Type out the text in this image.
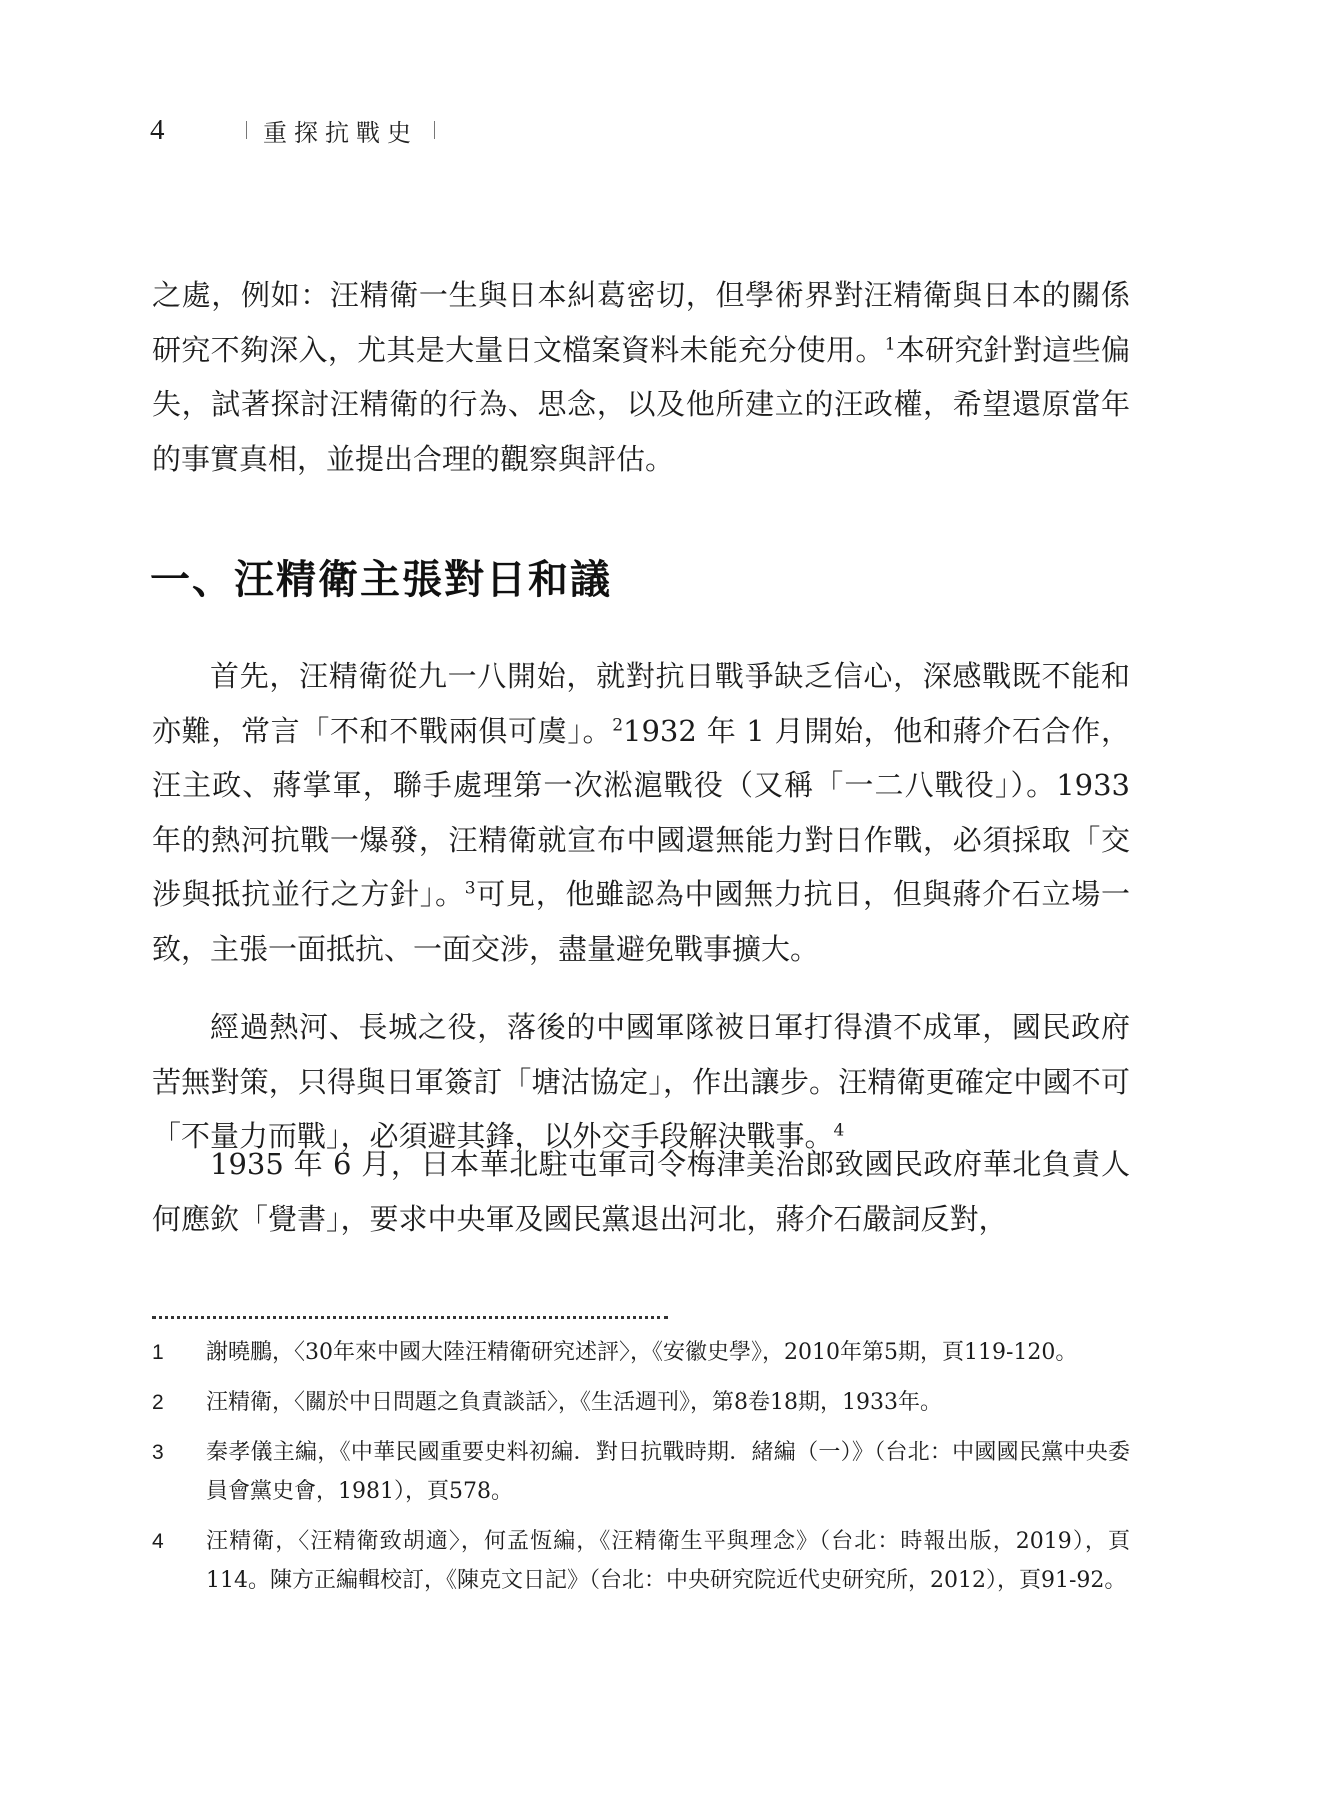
4	重探抗戰史

之處，例如：汪精衛一生與日本糾葛密切，但學術界對汪精衛與日本的關係研究不夠深入，尤其是大量日文檔案資料未能充分使用。$^1$本研究針對這些偏失，試著探討汪精衛的行為、思念，以及他所建立的汪政權，希望還原當年的事實真相，並提出合理的觀察與評估。

一、汪精衛主張對日和議

首先，汪精衛從九一八開始，就對抗日戰爭缺乏信心，深感戰既不能和亦難，常言「不和不戰兩俱可虞」。$^2$1932 年 1 月開始，他和蔣介石合作，汪主政、蔣掌軍，聯手處理第一次淞滬戰役（又稱「一二八戰役」）。1933 年的熱河抗戰一爆發，汪精衛就宣布中國還無能力對日作戰，必須採取「交涉與抵抗並行之方針」。$^3$可見，他雖認為中國無力抗日，但與蔣介石立場一致，主張一面抵抗、一面交涉，盡量避免戰事擴大。

經過熱河、長城之役，落後的中國軍隊被日軍打得潰不成軍，國民政府苦無對策，只得與日軍簽訂「塘沽協定」，作出讓步。汪精衛更確定中國不可「不量力而戰」，必須避其鋒，以外交手段解決戰事。$^4$

1935 年 6 月，日本華北駐屯軍司令梅津美治郎致國民政府華北負責人何應欽「覺書」，要求中央軍及國民黨退出河北，蔣介石嚴詞反對，

1	謝曉鵬，〈30年來中國大陸汪精衛研究述評〉，《安徽史學》，2010年第5期，頁119-120。
2	汪精衛，〈關於中日問題之負責談話〉，《生活週刊》，第8卷18期，1933年。
3	秦孝儀主編，《中華民國重要史料初編．對日抗戰時期．緒編（一）》（台北：中國國民黨中央委員會黨史會，1981），頁578。
4	汪精衛，〈汪精衛致胡適〉，何孟恆編，《汪精衛生平與理念》（台北：時報出版，2019），頁114。陳方正編輯校訂，《陳克文日記》（台北：中央研究院近代史研究所，2012），頁91-92。
